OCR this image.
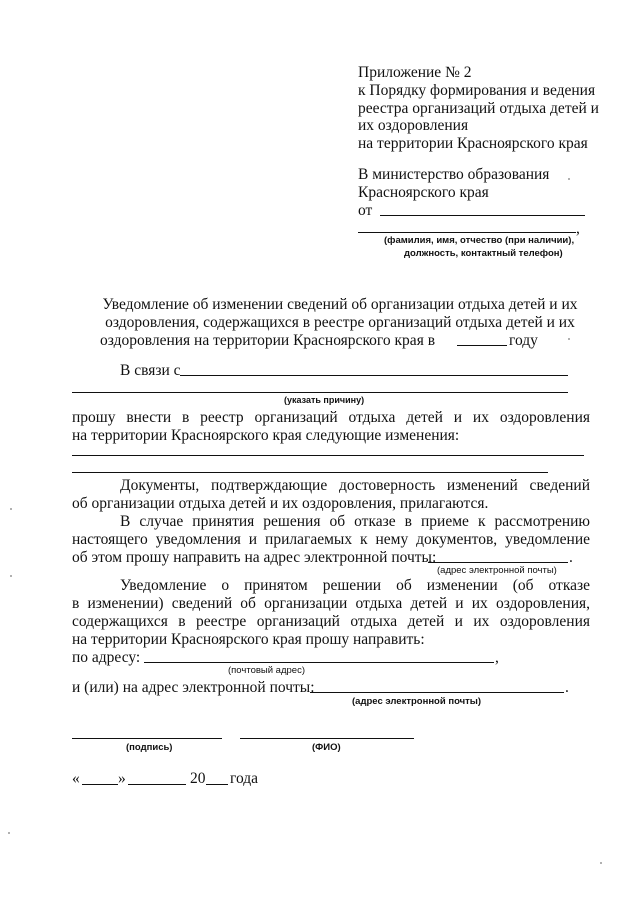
Приложение № 2
к Порядку формирования и ведения
реестра организаций отдыха детей и
их оздоровления
на территории Красноярского края
В министерство образования
Красноярского края
от
,
(фамилия, имя, отчество (при наличии),
должность, контактный телефон)
Уведомление об изменении сведений об организации отдыха детей и их
оздоровления, содержащихся в реестре организаций отдыха детей и их
оздоровления на территории Красноярского края в	году
В связи с
(указать причину)
прошу внести в реестр организаций отдыха детей и их оздоровления
на территории Красноярского края следующие изменения:
Документы, подтверждающие достоверность изменений сведений
об организации отдыха детей и их оздоровления, прилагаются.
В случае принятия решения об отказе в приеме к рассмотрению
настоящего уведомления и прилагаемых к нему документов, уведомление
об этом прошу направить на адрес электронной почты:	.
(адрес электронной почты)
Уведомление о принятом решении об изменении (об отказе
в изменении) сведений об организации отдыха детей и их оздоровления,
содержащихся в реестре организаций отдыха детей и их оздоровления
на территории Красноярского края прошу направить:
по адресу:	,
(почтовый адрес)
и (или) на адрес электронной почты:	.
(адрес электронной почты)
(подпись)	(ФИО)
« »	20 года
